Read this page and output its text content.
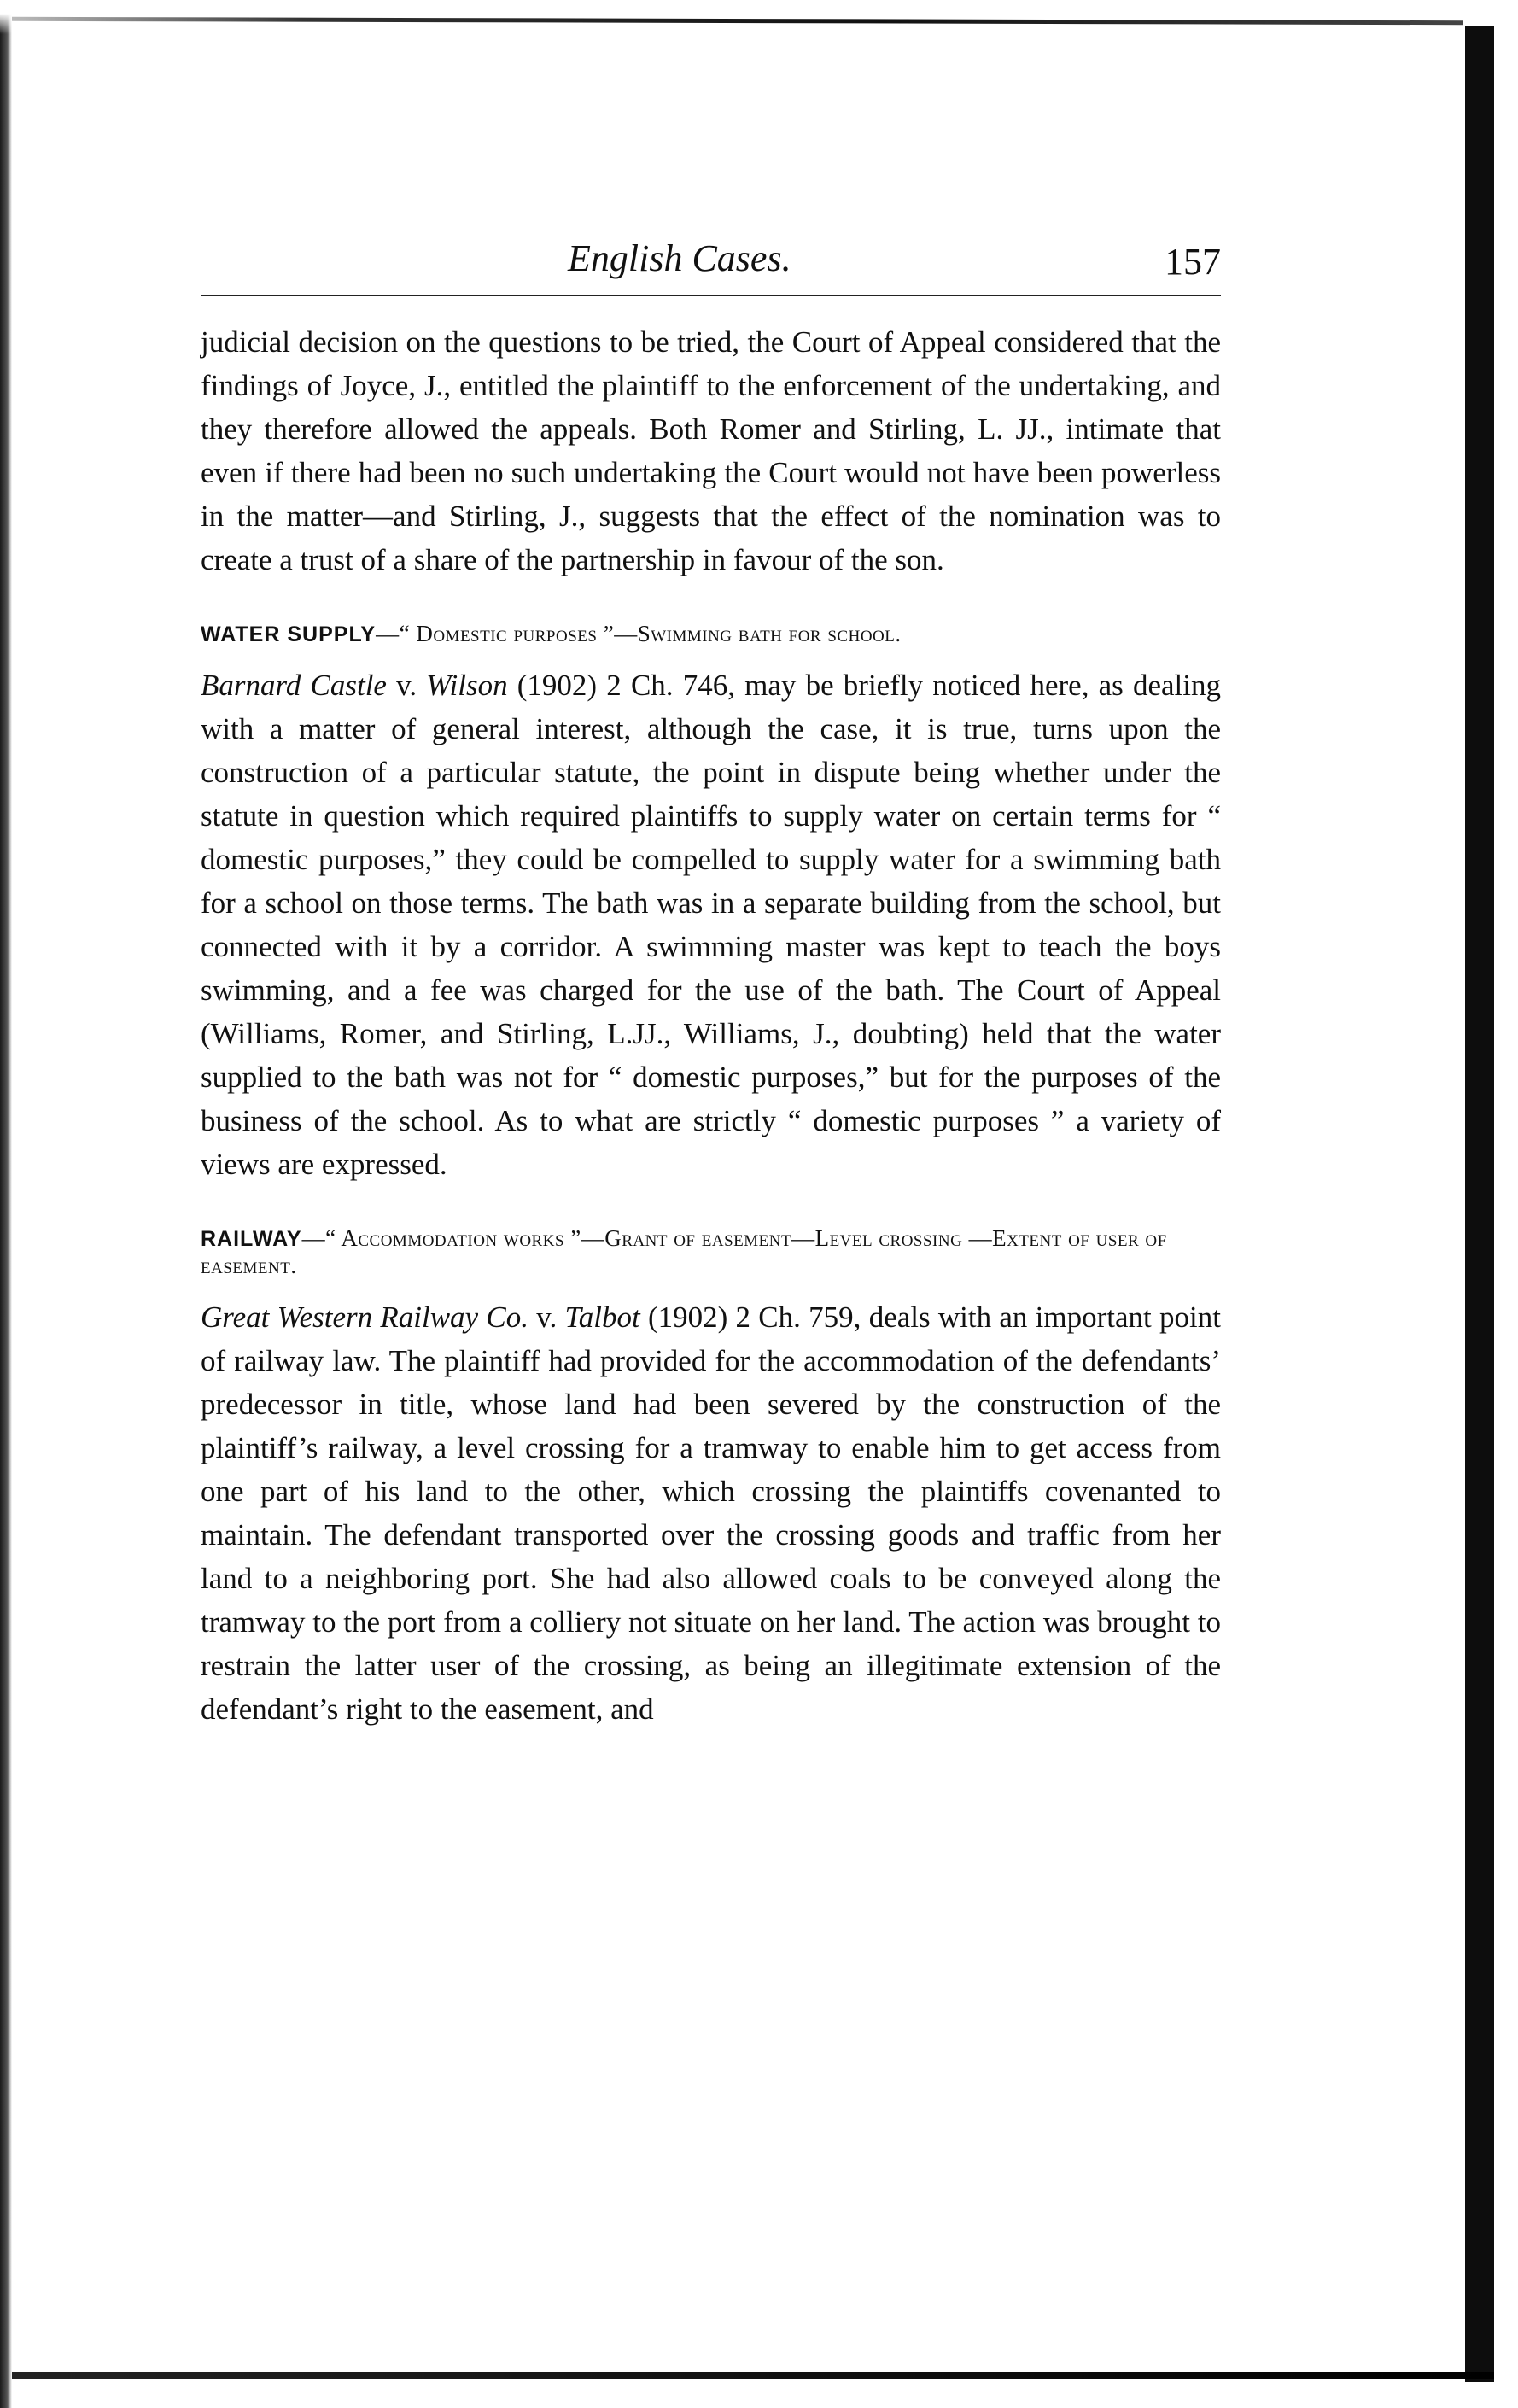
English Cases.	157

judicial decision on the questions to be tried, the Court of Appeal considered that the findings of Joyce, J., entitled the plaintiff to the enforcement of the undertaking, and they therefore allowed the appeals. Both Romer and Stirling, L. JJ., intimate that even if there had been no such undertaking the Court would not have been powerless in the matter—and Stirling, J., suggests that the effect of the nomination was to create a trust of a share of the partnership in favour of the son.

WATER SUPPLY—“ Domestic purposes ”—Swimming bath for school.

Barnard Castle v. Wilson (1902) 2 Ch. 746, may be briefly noticed here, as dealing with a matter of general interest, although the case, it is true, turns upon the construction of a particular statute, the point in dispute being whether under the statute in question which required plaintiffs to supply water on certain terms for “ domestic purposes,” they could be compelled to supply water for a swimming bath for a school on those terms. The bath was in a separate building from the school, but connected with it by a corridor. A swimming master was kept to teach the boys swimming, and a fee was charged for the use of the bath. The Court of Appeal (Williams, Romer, and Stirling, L.JJ., Williams, J., doubting) held that the water supplied to the bath was not for “ domestic purposes,” but for the purposes of the business of the school. As to what are strictly “ domestic purposes ” a variety of views are expressed.

RAILWAY—“ Accommodation works ”—Grant of easement—Level crossing —Extent of user of easement.

Great Western Railway Co. v. Talbot (1902) 2 Ch. 759, deals with an important point of railway law. The plaintiff had provided for the accommodation of the defendants’ predecessor in title, whose land had been severed by the construction of the plaintiff’s railway, a level crossing for a tramway to enable him to get access from one part of his land to the other, which crossing the plaintiffs covenanted to maintain. The defendant transported over the crossing goods and traffic from her land to a neighboring port. She had also allowed coals to be conveyed along the tramway to the port from a colliery not situate on her land. The action was brought to restrain the latter user of the crossing, as being an illegitimate extension of the defendant’s right to the easement, and
